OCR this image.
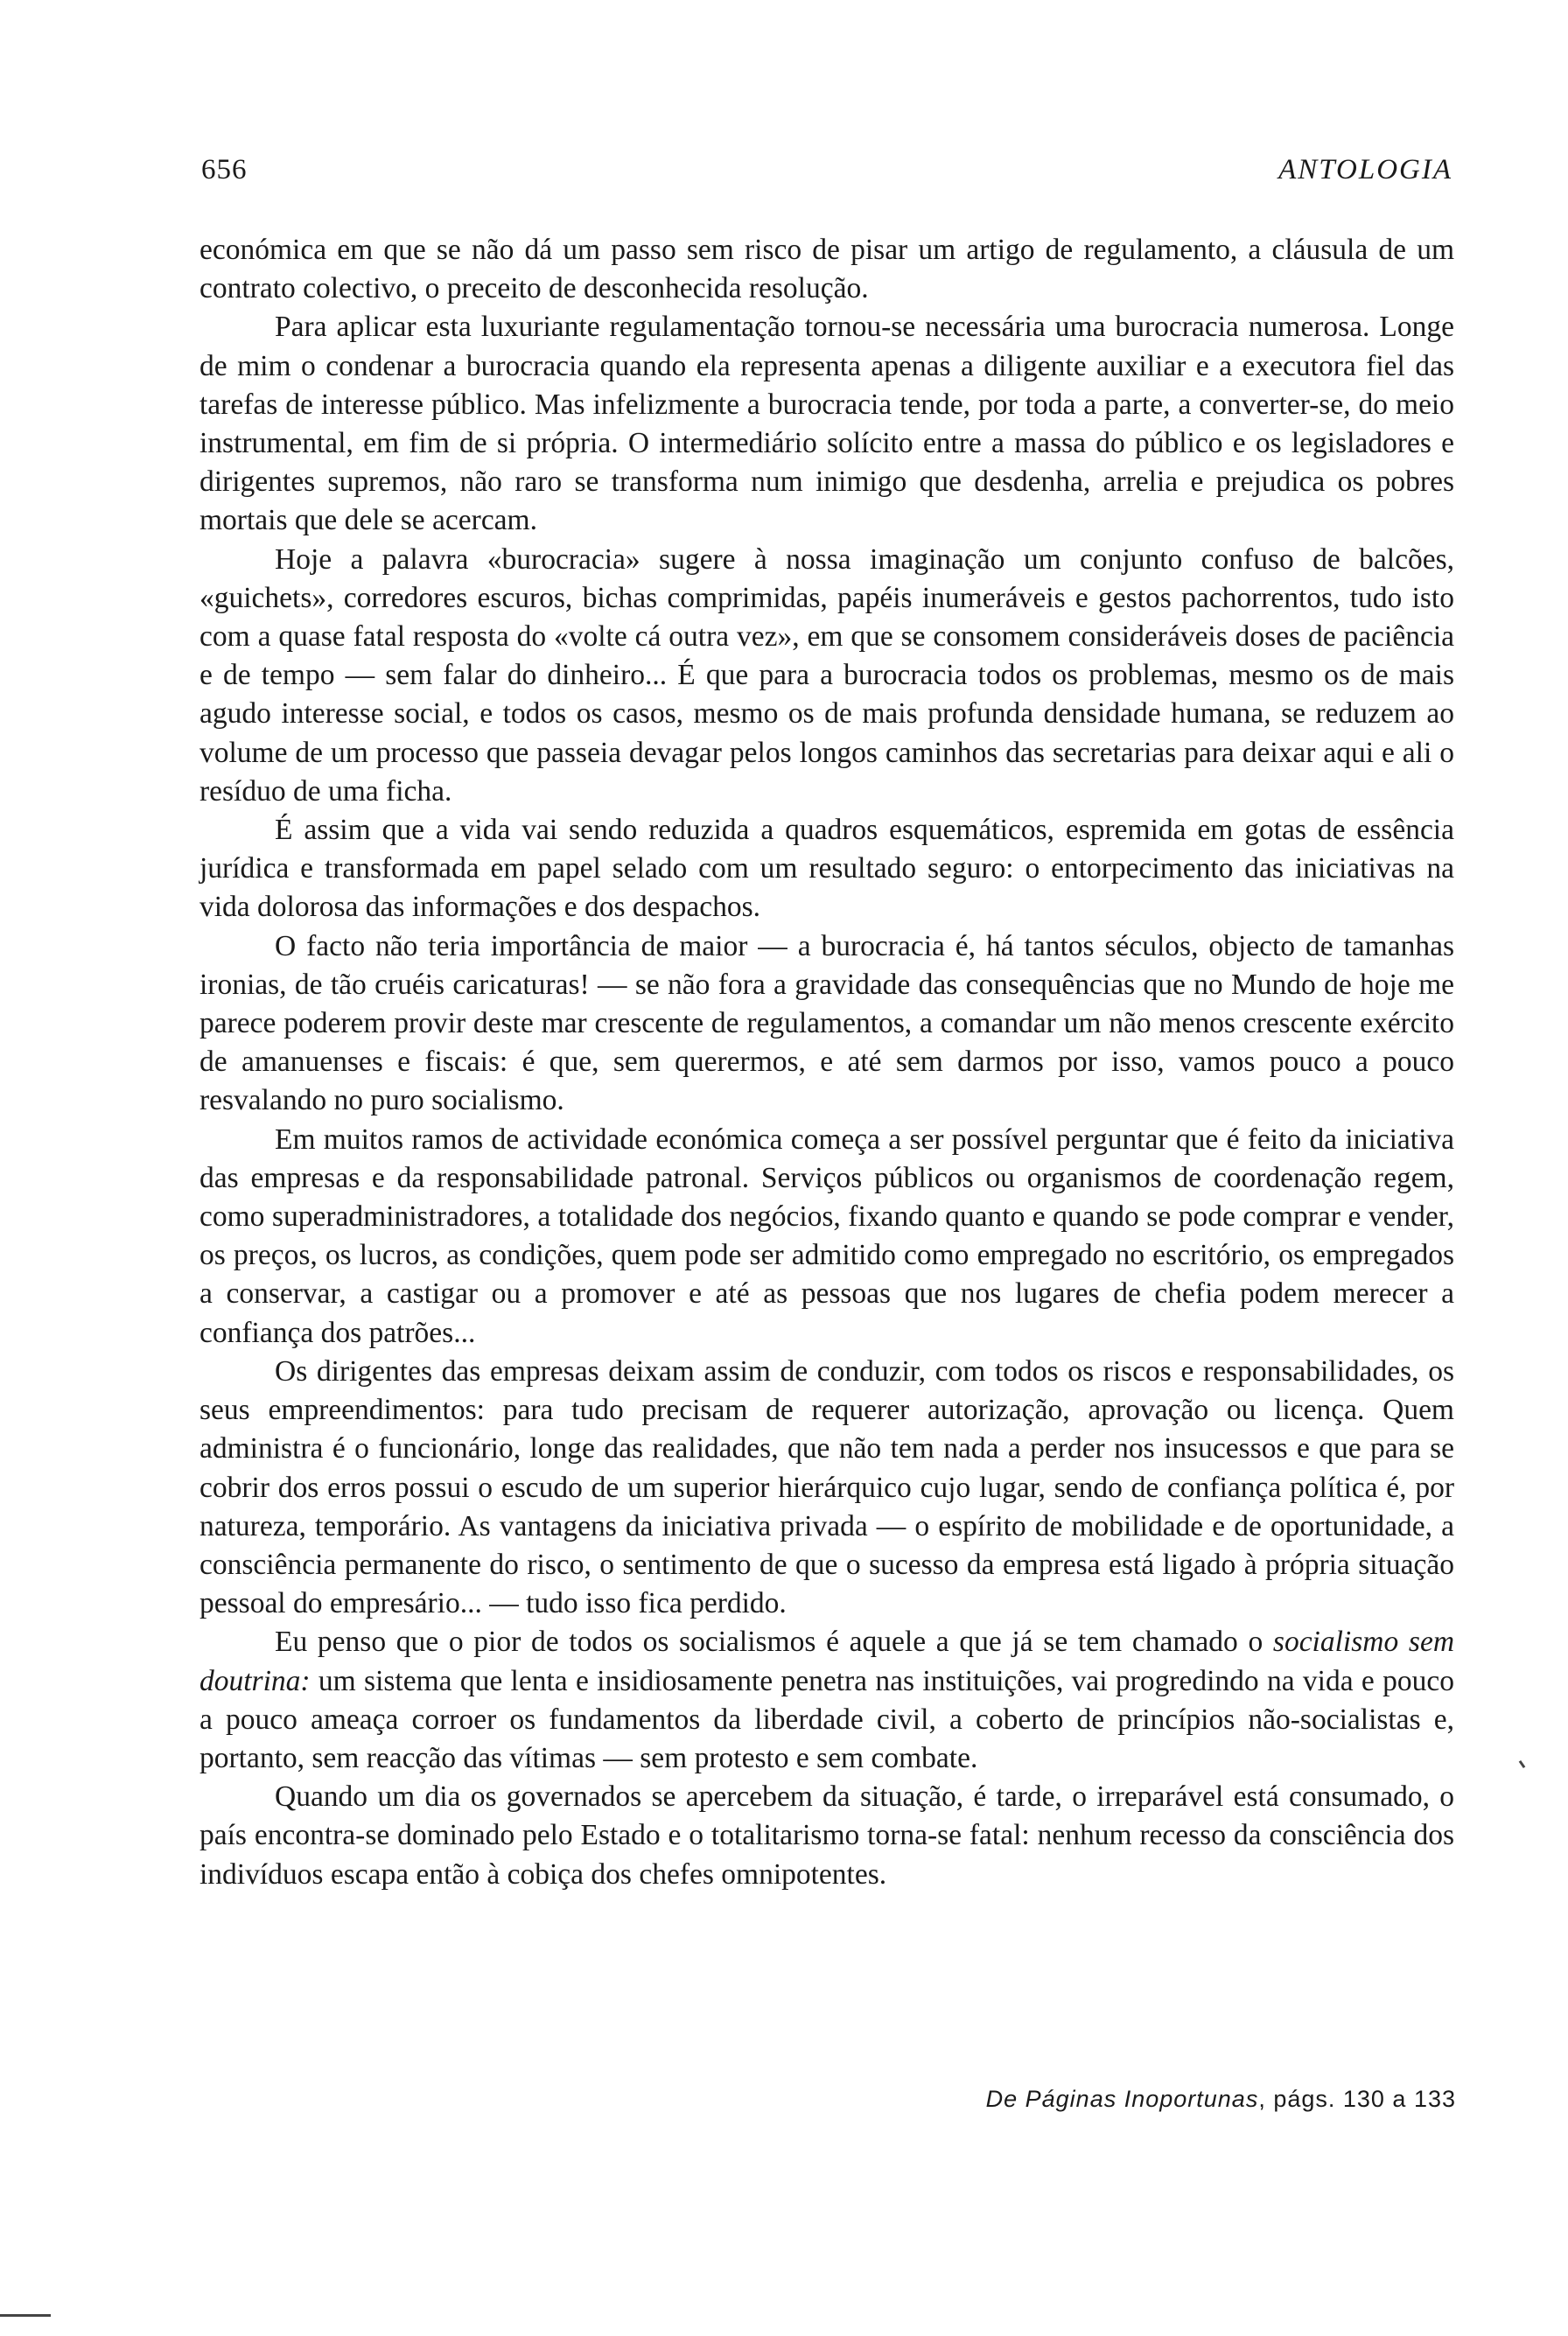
656	ANTOLOGIA

económica em que se não dá um passo sem risco de pisar um artigo de regulamento, a cláusula de um contrato colectivo, o preceito de desconhecida resolução.

Para aplicar esta luxuriante regulamentação tornou-se necessária uma burocracia numerosa. Longe de mim o condenar a burocracia quando ela representa apenas a diligente auxiliar e a executora fiel das tarefas de interesse público. Mas infelizmente a burocracia tende, por toda a parte, a converter-se, do meio instrumental, em fim de si própria. O intermediário solícito entre a massa do público e os legisladores e dirigentes supremos, não raro se transforma num inimigo que desdenha, arrelia e prejudica os pobres mortais que dele se acercam.

Hoje a palavra «burocracia» sugere à nossa imaginação um conjunto confuso de balcões, «guichets», corredores escuros, bichas comprimidas, papéis inumeráveis e gestos pachorrentos, tudo isto com a quase fatal resposta do «volte cá outra vez», em que se consomem consideráveis doses de paciência e de tempo — sem falar do dinheiro... É que para a burocracia todos os problemas, mesmo os de mais agudo interesse social, e todos os casos, mesmo os de mais profunda densidade humana, se reduzem ao volume de um processo que passeia devagar pelos longos caminhos das secretarias para deixar aqui e ali o resíduo de uma ficha.

É assim que a vida vai sendo reduzida a quadros esquemáticos, espremida em gotas de essência jurídica e transformada em papel selado com um resultado seguro: o entorpecimento das iniciativas na vida dolorosa das informações e dos despachos.

O facto não teria importância de maior — a burocracia é, há tantos séculos, objecto de tamanhas ironias, de tão cruéis caricaturas! — se não fora a gravidade das consequências que no Mundo de hoje me parece poderem provir deste mar crescente de regulamentos, a comandar um não menos crescente exército de amanuenses e fiscais: é que, sem querermos, e até sem darmos por isso, vamos pouco a pouco resvalando no puro socialismo.

Em muitos ramos de actividade económica começa a ser possível perguntar que é feito da iniciativa das empresas e da responsabilidade patronal. Serviços públicos ou organismos de coordenação regem, como superadministradores, a totalidade dos negócios, fixando quanto e quando se pode comprar e vender, os preços, os lucros, as condições, quem pode ser admitido como empregado no escritório, os empregados a conservar, a castigar ou a promover e até as pessoas que nos lugares de chefia podem merecer a confiança dos patrões...

Os dirigentes das empresas deixam assim de conduzir, com todos os riscos e responsabilidades, os seus empreendimentos: para tudo precisam de requerer autorização, aprovação ou licença. Quem administra é o funcionário, longe das realidades, que não tem nada a perder nos insucessos e que para se cobrir dos erros possui o escudo de um superior hierárquico cujo lugar, sendo de confiança política é, por natureza, temporário. As vantagens da iniciativa privada — o espírito de mobilidade e de oportunidade, a consciência permanente do risco, o sentimento de que o sucesso da empresa está ligado à própria situação pessoal do empresário... — tudo isso fica perdido.

Eu penso que o pior de todos os socialismos é aquele a que já se tem chamado o socialismo sem doutrina: um sistema que lenta e insidiosamente penetra nas instituições, vai progredindo na vida e pouco a pouco ameaça corroer os fundamentos da liberdade civil, a coberto de princípios não-socialistas e, portanto, sem reacção das vítimas — sem protesto e sem combate.

Quando um dia os governados se apercebem da situação, é tarde, o irreparável está consumado, o país encontra-se dominado pelo Estado e o totalitarismo torna-se fatal: nenhum recesso da consciência dos indivíduos escapa então à cobiça dos chefes omnipotentes.

De Páginas Inoportunas, págs. 130 a 133
